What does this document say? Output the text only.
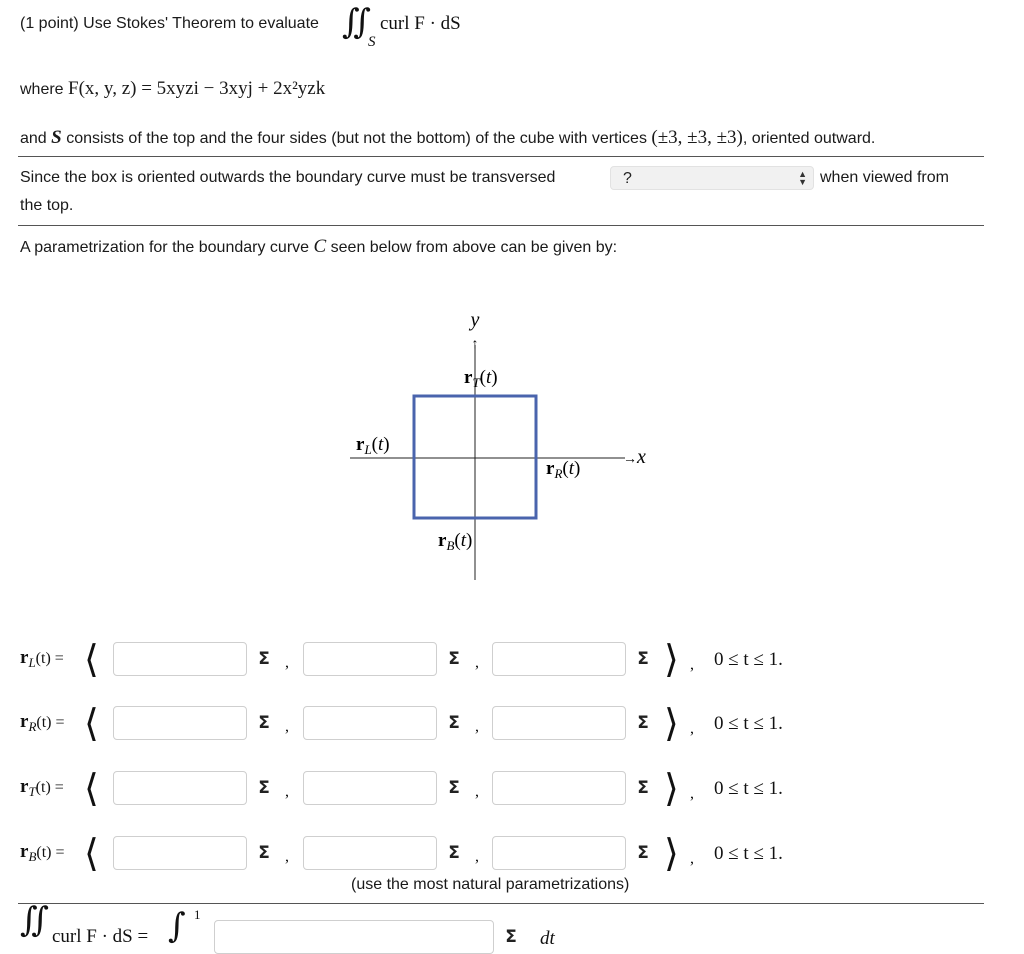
(1 point) Use Stokes' Theorem to evaluate ∬
S
curl F · dS
where F(x, y, z) = 5xyzi − 3xyj + 2x²yzk
and S consists of the top and the four sides (but not the bottom) of the cube with vertices (±3, ±3, ±3), oriented outward.
Since the box is oriented outwards the boundary curve must be transversed	?	▲
▼ when viewed from
the top.
A parametrization for the boundary curve C seen below from above can be given by:
↑
→
y
x
$r_T(t)$
$r_L(t)$
$r_R(t)$
$r_B(t)$
$r_L(t)$ = ⟨	Σ ,	Σ ,	Σ ⟩ , 0 ≤ t ≤ 1.
$r_R(t)$ = ⟨	Σ ,	Σ ,	Σ ⟩ , 0 ≤ t ≤ 1.
$r_T(t)$ = ⟨	Σ ,	Σ ,	Σ ⟩ , 0 ≤ t ≤ 1.
$r_B(t)$ = ⟨	Σ ,	Σ ,	Σ ⟩ , 0 ≤ t ≤ 1.
(use the most natural parametrizations)
∬ curl F · dS = ∫ 1
Σ	dt
